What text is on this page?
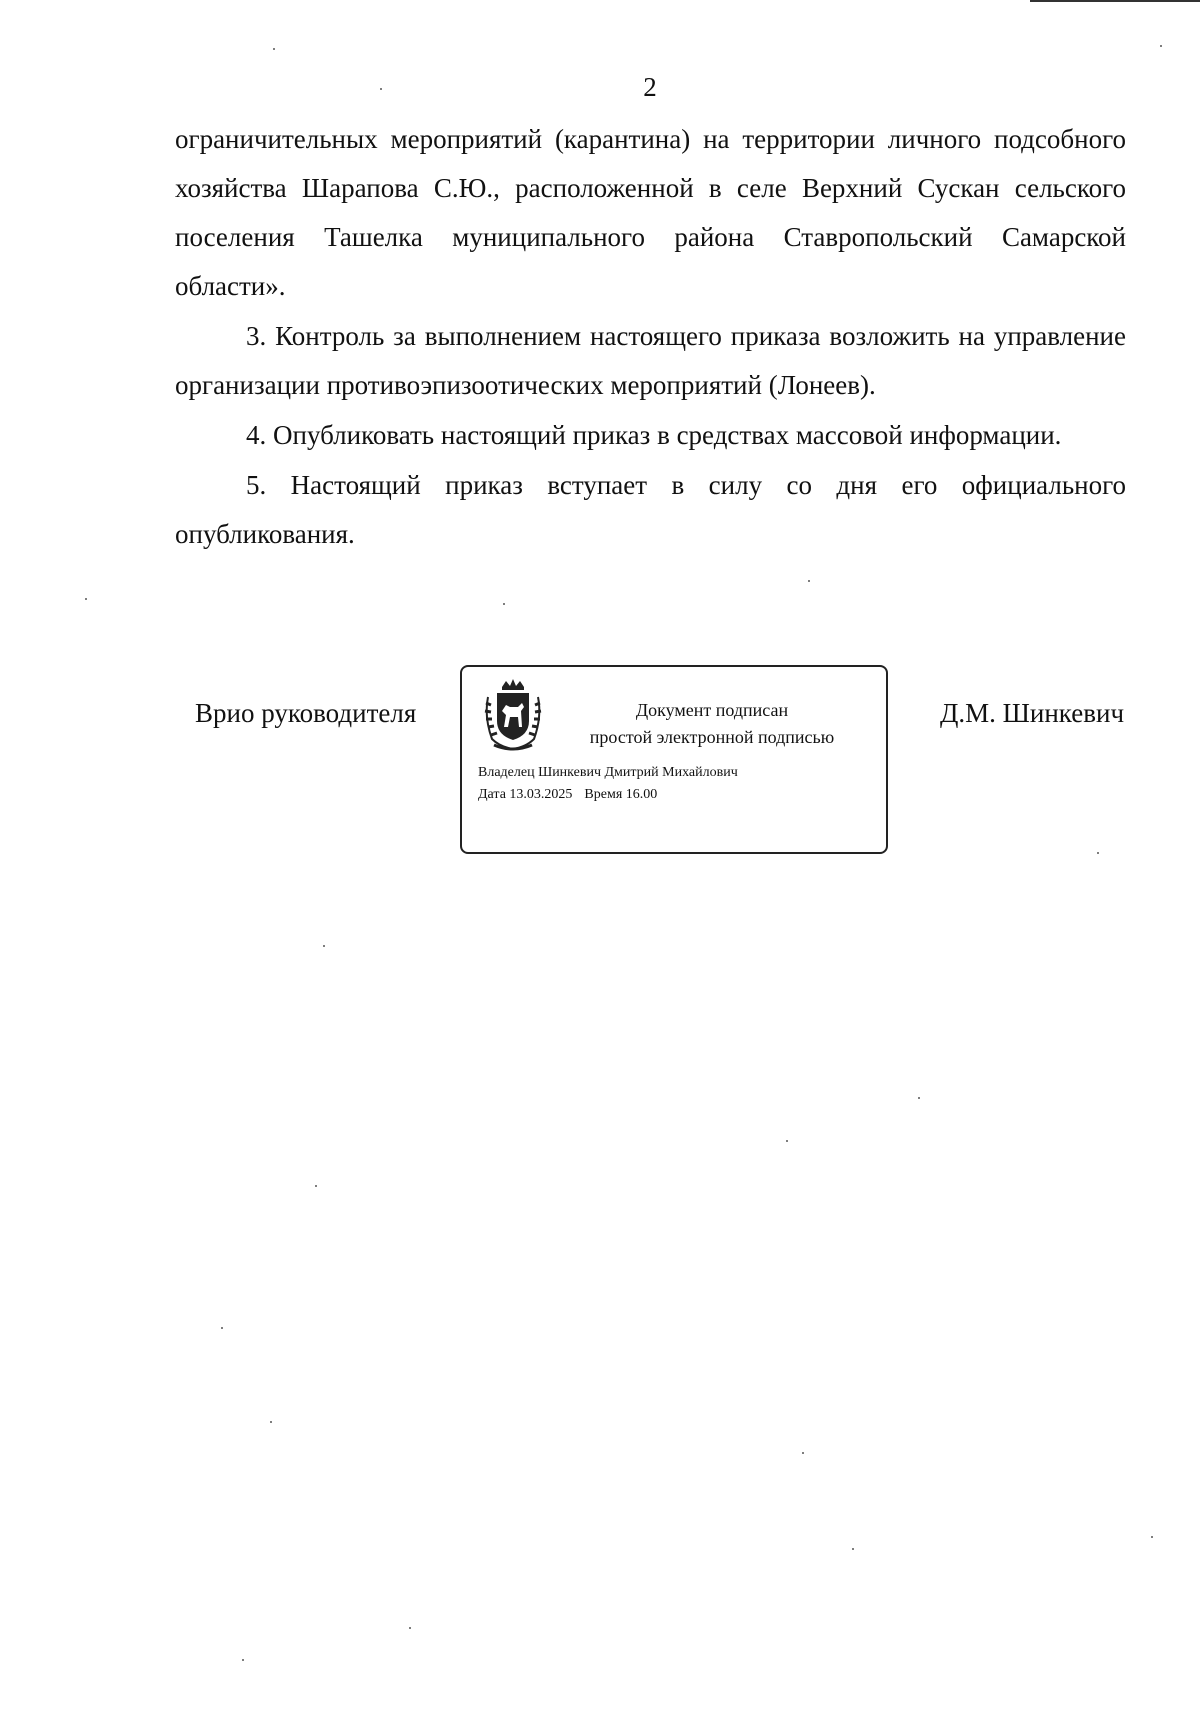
2

ограничительных мероприятий (карантина) на территории личного подсобного хозяйства Шарапова С.Ю., расположенной в селе Верхний Сускан сельского поселения Ташелка муниципального района Ставропольский Самарской области».

3. Контроль за выполнением настоящего приказа возложить на управление организации противоэпизоотических мероприятий (Лонеев).

4. Опубликовать настоящий приказ в средствах массовой информации.

5. Настоящий приказ вступает в силу со дня его официального опубликования.

Врио руководителя	Документ подписан
простой электронной подписью
Владелец Шинкевич Дмитрий Михайлович
Дата 13.03.2025 Время 16.00
Д.М. Шинкевич
